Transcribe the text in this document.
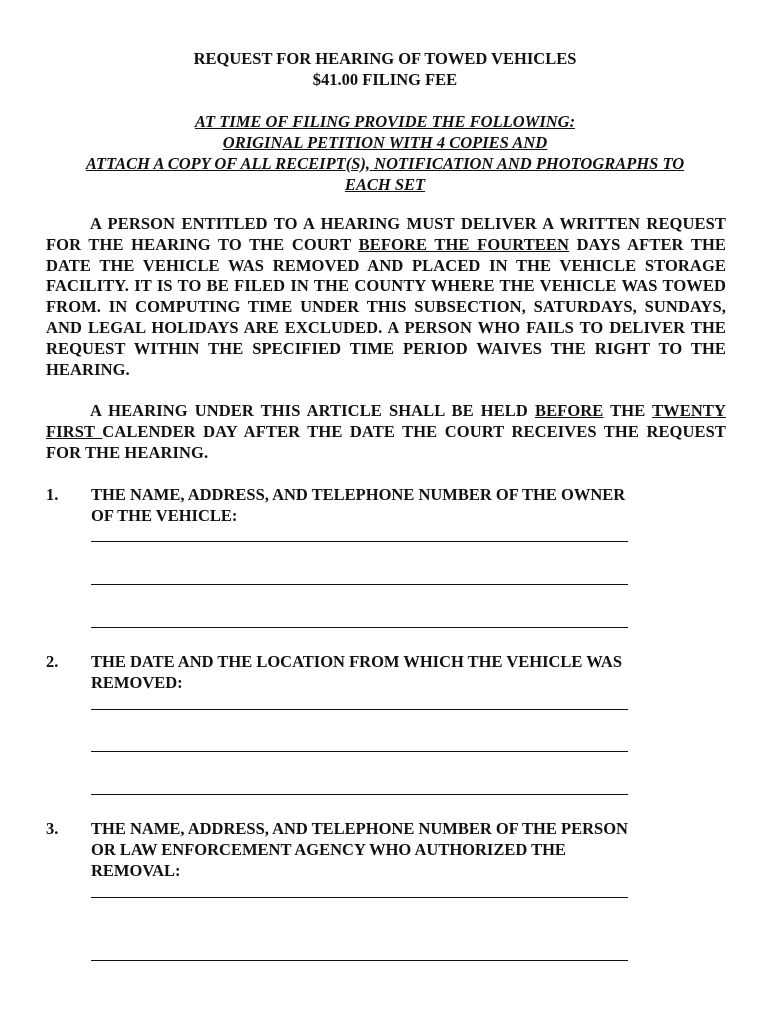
REQUEST FOR HEARING OF TOWED VEHICLES
$41.00 FILING FEE
AT TIME OF FILING PROVIDE THE FOLLOWING:
ORIGINAL PETITION WITH 4 COPIES AND
ATTACH A COPY OF ALL RECEIPT(S), NOTIFICATION AND PHOTOGRAPHS TO
EACH SET
A PERSON ENTITLED TO A HEARING MUST DELIVER A WRITTEN REQUEST FOR THE HEARING TO THE COURT BEFORE THE FOURTEEN DAYS AFTER THE DATE THE VEHICLE WAS REMOVED AND PLACED IN THE VEHICLE STORAGE FACILITY. IT IS TO BE FILED IN THE COUNTY WHERE THE VEHICLE WAS TOWED FROM. IN COMPUTING TIME UNDER THIS SUBSECTION, SATURDAYS, SUNDAYS, AND LEGAL HOLIDAYS ARE EXCLUDED. A PERSON WHO FAILS TO DELIVER THE REQUEST WITHIN THE SPECIFIED TIME PERIOD WAIVES THE RIGHT TO THE HEARING.
A HEARING UNDER THIS ARTICLE SHALL BE HELD BEFORE THE TWENTY FIRST CALENDER DAY AFTER THE DATE THE COURT RECEIVES THE REQUEST FOR THE HEARING.
1. THE NAME, ADDRESS, AND TELEPHONE NUMBER OF THE OWNER OF THE VEHICLE:
2. THE DATE AND THE LOCATION FROM WHICH THE VEHICLE WAS REMOVED:
3. THE NAME, ADDRESS, AND TELEPHONE NUMBER OF THE PERSON OR LAW ENFORCEMENT AGENCY WHO AUTHORIZED THE REMOVAL:
